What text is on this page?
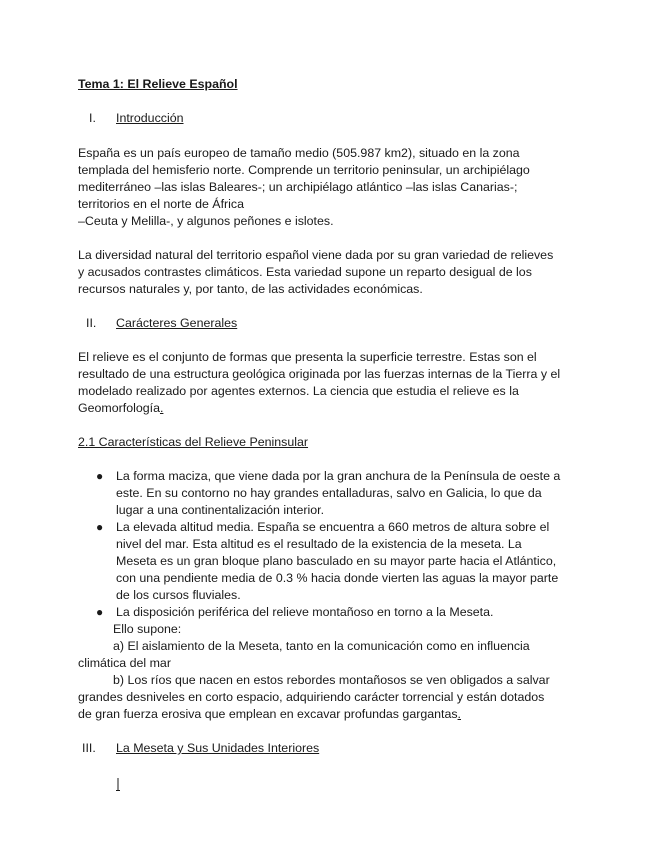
Tema 1: El Relieve Español
I. Introducción
España es un país europeo de tamaño medio (505.987 km2), situado en la zona
templada del hemisferio norte. Comprende un territorio peninsular, un archipiélago
mediterráneo –las islas Baleares-; un archipiélago atlántico –las islas Canarias-;
territorios en el norte de África
–Ceuta y Melilla-, y algunos peñones e islotes.
La diversidad natural del territorio español viene dada por su gran variedad de relieves
y acusados contrastes climáticos. Esta variedad supone un reparto desigual de los
recursos naturales y, por tanto, de las actividades económicas.
II. Carácteres Generales
El relieve es el conjunto de formas que presenta la superficie terrestre. Estas son el
resultado de una estructura geológica originada por las fuerzas internas de la Tierra y el
modelado realizado por agentes externos. La ciencia que estudia el relieve es la
Geomorfología.
2.1 Características del Relieve Peninsular
● La forma maciza, que viene dada por la gran anchura de la Península de oeste a
este. En su contorno no hay grandes entalladuras, salvo en Galicia, lo que da
lugar a una continentalización interior.
● La elevada altitud media. España se encuentra a 660 metros de altura sobre el
nivel del mar. Esta altitud es el resultado de la existencia de la meseta. La
Meseta es un gran bloque plano basculado en su mayor parte hacia el Atlántico,
con una pendiente media de 0.3 % hacia donde vierten las aguas la mayor parte
de los cursos fluviales.
● La disposición periférica del relieve montañoso en torno a la Meseta.
Ello supone:
a) El aislamiento de la Meseta, tanto en la comunicación como en influencia
climática del mar
b) Los ríos que nacen en estos rebordes montañosos se ven obligados a salvar
grandes desniveles en corto espacio, adquiriendo carácter torrencial y están dotados
de gran fuerza erosiva que emplean en excavar profundas gargantas.
III. La Meseta y Sus Unidades Interiores
